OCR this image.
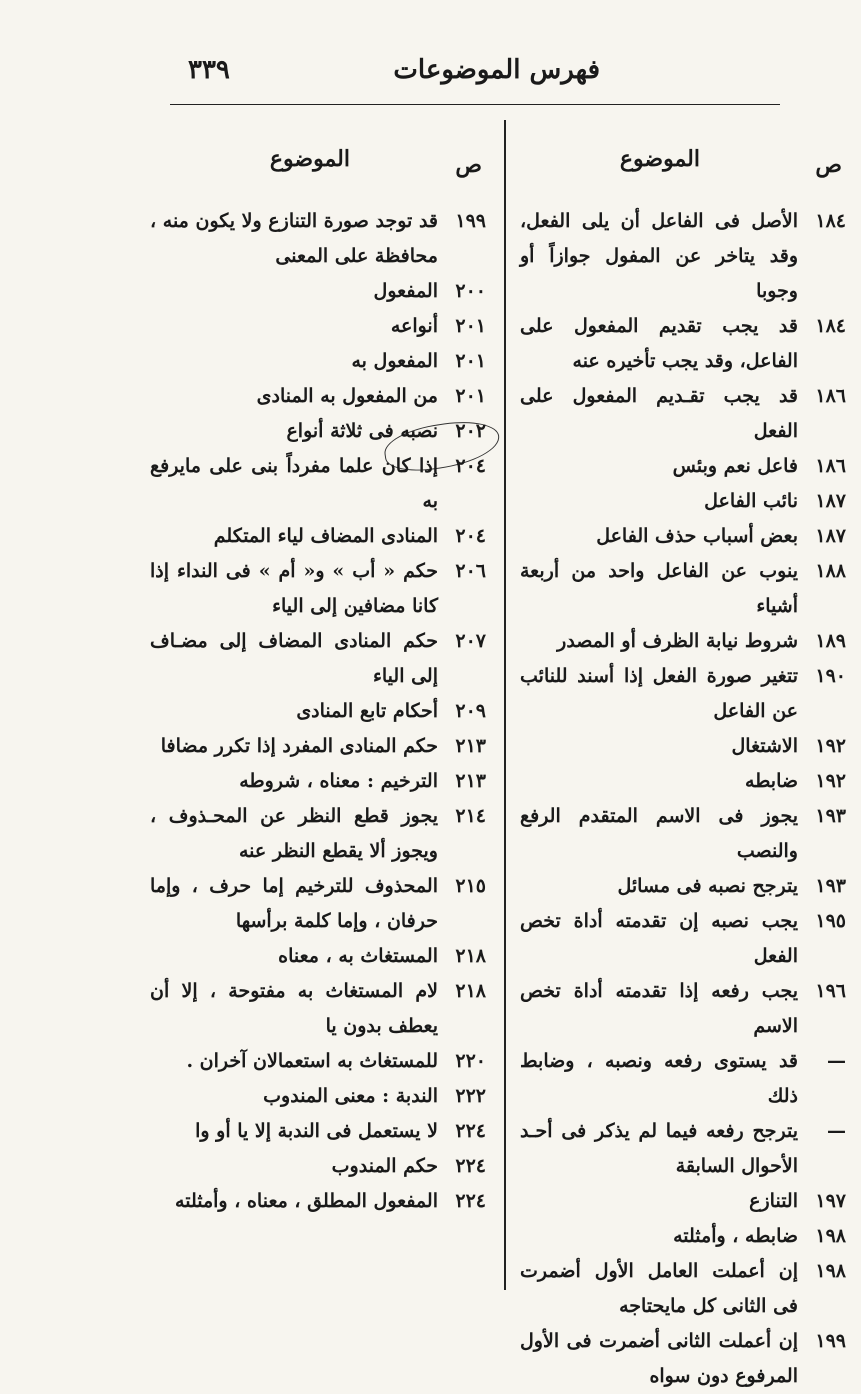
فهرس الموضوعات
٣٣٩
ص
الموضوع
١٨٤
الأصل فى الفاعل أن يلى الفعل، وقد يتاخر عن المفول جوازاً أو وجوبا
١٨٤
قد يجب تقديم المفعول على الفاعل، وقد يجب تأخيره عنه
١٨٦
قد يجب تقـديم المفعول على الفعل
١٨٦
فاعل نعم وبئس
١٨٧
نائب الفاعل
١٨٧
بعض أسباب حذف الفاعل
١٨٨
ينوب عن الفاعل واحد من أربعة أشياء
١٨٩
شروط نيابة الظرف أو المصدر
١٩٠
تتغير صورة الفعل إذا أسند للنائب عن الفاعل
١٩٢
الاشتغال
١٩٢
ضابطه
١٩٣
يجوز فى الاسم المتقدم الرفع والنصب
١٩٣
يترجح نصبه فى مسائل
١٩٥
يجب نصبه إن تقدمته أداة تخص الفعل
١٩٦
يجب رفعه إذا تقدمته أداة تخص الاسم
—
قد يستوى رفعه ونصبه ، وضابط ذلك
—
يترجح رفعه فيما لم يذكر فى أحـد الأحوال السابقة
١٩٧
التنازع
١٩٨
ضابطه ، وأمثلته
١٩٨
إن أعملت العامل الأول أضمرت فى الثانى كل مايحتاجه
١٩٩
إن أعملت الثانى أضمرت فى الأول المرفوع دون سواه
ص
الموضوع
١٩٩
قد توجد صورة التنازع ولا يكون منه ، محافظة على المعنى
٢٠٠
المفعول
٢٠١
أنواعه
٢٠١
المفعول به
٢٠١
من المفعول به المنادى
٢٠٢
نصبه فى ثلاثة أنواع
٢٠٤
إذا كان علما مفرداً بنى على مايرفع به
٢٠٤
المنادى المضاف لياء المتكلم
٢٠٦
حكم « أب » و« أم » فى النداء إذا كانا مضافين إلى الياء
٢٠٧
حكم المنادى المضاف إلى مضـاف إلى الياء
٢٠٩
أحكام تابع المنادى
٢١٣
حكم المنادى المفرد إذا تكرر مضافا
٢١٣
الترخيم : معناه ، شروطه
٢١٤
يجوز قطع النظر عن المحـذوف ، ويجوز ألا يقطع النظر عنه
٢١٥
المحذوف للترخيم إما حرف ، وإما حرفان ، وإما كلمة برأسها
٢١٨
المستغاث به ، معناه
٢١٨
لام المستغاث به مفتوحة ، إلا أن يعطف بدون يا
٢٢٠
للمستغاث به استعمالان آخران .
٢٢٢
الندبة : معنى المندوب
٢٢٤
لا يستعمل فى الندبة إلا يا أو وا
٢٢٤
حكم المندوب
٢٢٤
المفعول المطلق ، معناه ، وأمثلته
